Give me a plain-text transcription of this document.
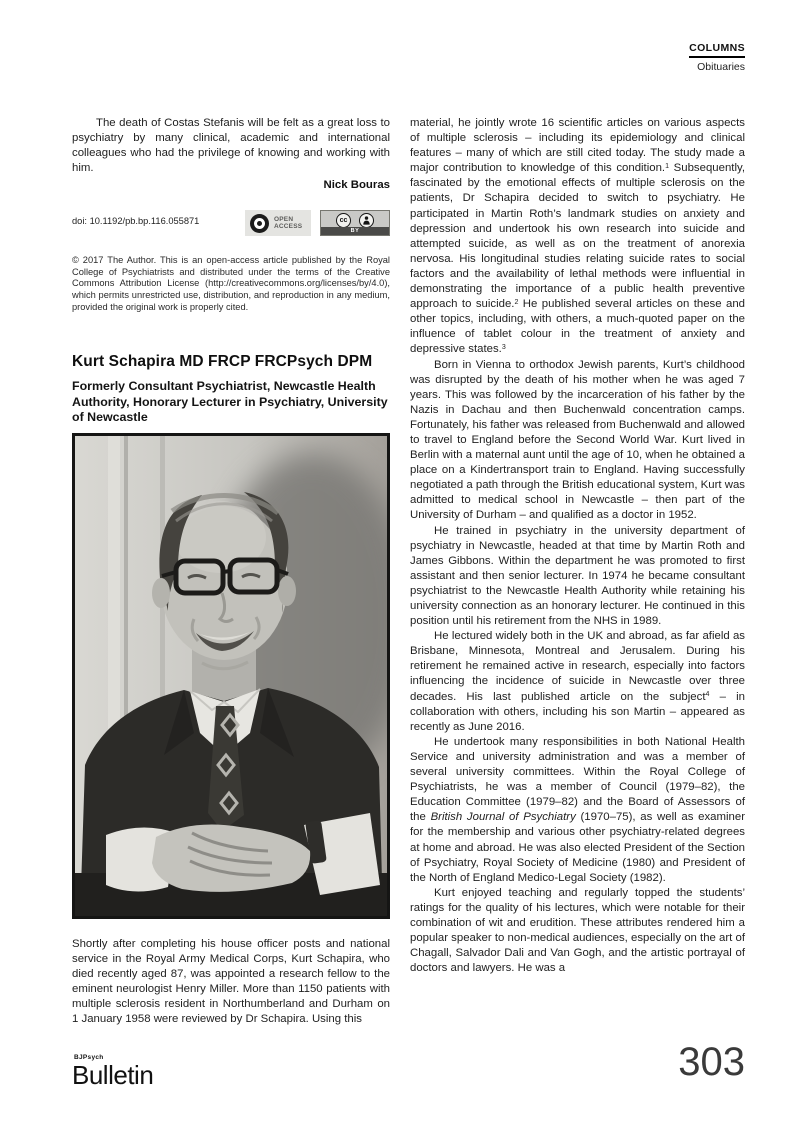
COLUMNS
Obituaries

The death of Costas Stefanis will be felt as a great loss to psychiatry by many clinical, academic and international colleagues who had the privilege of knowing and working with him.

Nick Bouras
doi: 10.1192/pb.bp.116.055871	OPEN
ACCESS
cc
BY

© 2017 The Author. This is an open-access article published by the Royal College of Psychiatrists and distributed under the terms of the Creative Commons Attribution License (http://creativecommons.org/licenses/by/4.0), which permits unrestricted use, distribution, and reproduction in any medium, provided the original work is properly cited.

Kurt Schapira MD FRCP FRCPsych DPM
Formerly Consultant Psychiatrist, Newcastle Health Authority, Honorary Lecturer in Psychiatry, University of Newcastle

Shortly after completing his house officer posts and national service in the Royal Army Medical Corps, Kurt Schapira, who died recently aged 87, was appointed a research fellow to the eminent neurologist Henry Miller. More than 1150 patients with multiple sclerosis resident in Northumberland and Durham on 1 January 1958 were reviewed by Dr Schapira. Using this

material, he jointly wrote 16 scientific articles on various aspects of multiple sclerosis – including its epidemiology and clinical features – many of which are still cited today. The study made a major contribution to knowledge of this condition.$^1$ Subsequently, fascinated by the emotional effects of multiple sclerosis on the patients, Dr Schapira decided to switch to psychiatry. He participated in Martin Roth’s landmark studies on anxiety and depression and undertook his own research into suicide and attempted suicide, as well as on the treatment of anorexia nervosa. His longitudinal studies relating suicide rates to social factors and the availability of lethal methods were influential in demonstrating the importance of a public health preventive approach to suicide.$^2$ He published several articles on these and other topics, including, with others, a much-quoted paper on the influence of tablet colour in the treatment of anxiety and depressive states.$^3$

Born in Vienna to orthodox Jewish parents, Kurt’s childhood was disrupted by the death of his mother when he was aged 7 years. This was followed by the incarceration of his father by the Nazis in Dachau and then Buchenwald concentration camps. Fortunately, his father was released from Buchenwald and allowed to travel to England before the Second World War. Kurt lived in Berlin with a maternal aunt until the age of 10, when he obtained a place on a Kindertransport train to England. Having successfully negotiated a path through the British educational system, Kurt was admitted to medical school in Newcastle – then part of the University of Durham – and qualified as a doctor in 1952.

He trained in psychiatry in the university department of psychiatry in Newcastle, headed at that time by Martin Roth and James Gibbons. Within the department he was promoted to first assistant and then senior lecturer. In 1974 he became consultant psychiatrist to the Newcastle Health Authority while retaining his university connection as an honorary lecturer. He continued in this position until his retirement from the NHS in 1989.

He lectured widely both in the UK and abroad, as far afield as Brisbane, Minnesota, Montreal and Jerusalem. During his retirement he remained active in research, especially into factors influencing the incidence of suicide in Newcastle over three decades. His last published article on the subject$^4$ – in collaboration with others, including his son Martin – appeared as recently as June 2016.

He undertook many responsibilities in both National Health Service and university administration and was a member of several university committees. Within the Royal College of Psychiatrists, he was a member of Council (1979–82), the Education Committee (1979–82) and the Board of Assessors of the British Journal of Psychiatry (1970–75), as well as examiner for the membership and various other psychiatry-related degrees at home and abroad. He was also elected President of the Section of Psychiatry, Royal Society of Medicine (1980) and President of the North of England Medico-Legal Society (1982).

Kurt enjoyed teaching and regularly topped the students’ ratings for the quality of his lectures, which were notable for their combination of wit and erudition. These attributes rendered him a popular speaker to non-medical audiences, especially on the art of Chagall, Salvador Dali and Van Gogh, and the artistic portrayal of doctors and lawyers. He was a

BJPsych
Bulletin	303
